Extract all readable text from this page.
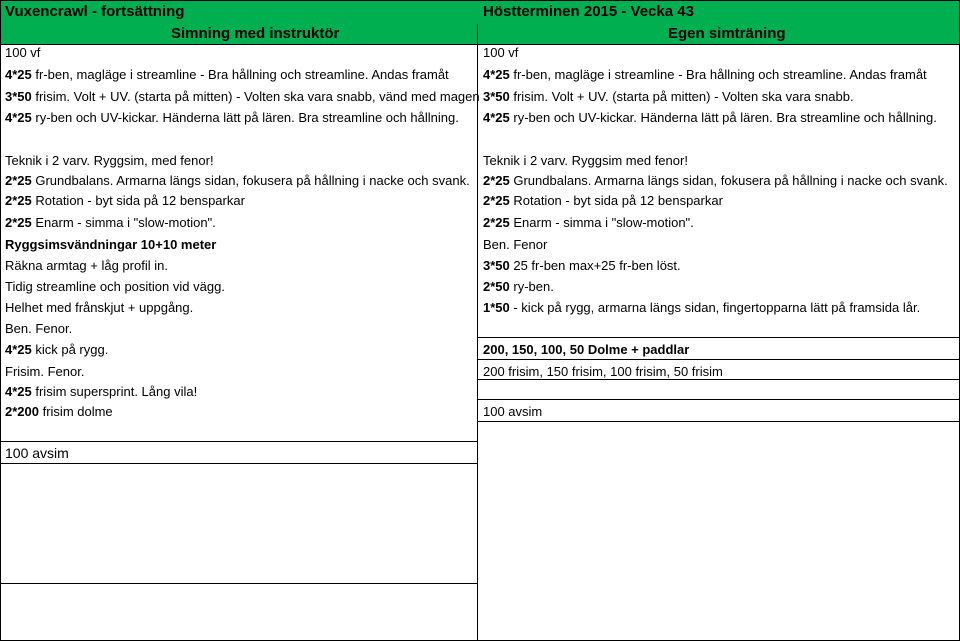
Vuxencrawl - fortsättning	Höstterminen 2015 - Vecka 43
Simning med instruktör	Egen simträning
100 vf
4*25 fr-ben, magläge i streamline - Bra hållning och streamline. Andas framåt
3*50 frisim. Volt + UV. (starta på mitten) - Volten ska vara snabb, vänd med magen
4*25 ry-ben och UV-kickar. Händerna lätt på lären. Bra streamline och hållning.
Teknik i 2 varv. Ryggsim, med fenor!
2*25 Grundbalans. Armarna längs sidan, fokusera på hållning i nacke och svank.
2*25 Rotation - byt sida på 12 bensparkar
2*25 Enarm - simma i "slow-motion".
Ryggsimsvändningar 10+10 meter
Räkna armtag + låg profil in.
Tidig streamline och position vid vägg.
Helhet med frånskjut + uppgång.
Ben. Fenor.
4*25 kick på rygg.
Frisim. Fenor.
4*25 frisim supersprint. Lång vila!
2*200 frisim dolme
100 vf
4*25 fr-ben, magläge i streamline - Bra hållning och streamline. Andas framåt
3*50 frisim. Volt + UV. (starta på mitten) - Volten ska vara snabb.
4*25 ry-ben och UV-kickar. Händerna lätt på lären. Bra streamline och hållning.
Teknik i 2 varv. Ryggsim med fenor!
2*25 Grundbalans. Armarna längs sidan, fokusera på hållning i nacke och svank.
2*25 Rotation - byt sida på 12 bensparkar
2*25 Enarm - simma i "slow-motion".
Ben. Fenor
3*50 25 fr-ben max+25 fr-ben löst.
2*50 ry-ben.
1*50 - kick på rygg, armarna längs sidan, fingertopparna lätt på framsida lår.
200, 150, 100, 50 Dolme + paddlar
200 frisim, 150 frisim, 100 frisim, 50 frisim
100 avsim
100 avsim
